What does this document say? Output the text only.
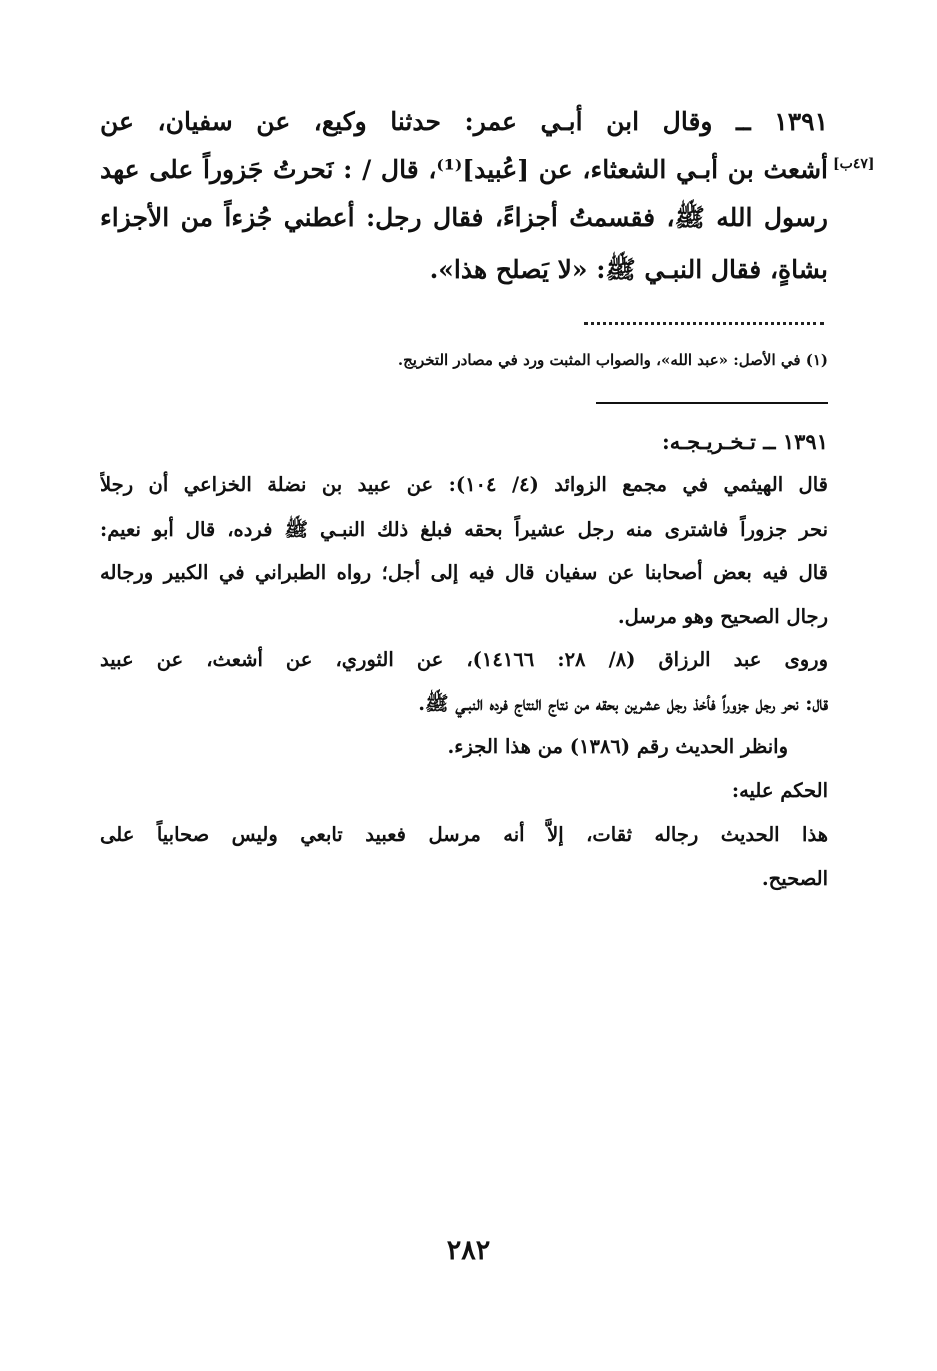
١٣٩١ ــ وقال ابن أبـي عمر: حدثنا وكيع، عن سفيان، عن
أشعث بن أبـي الشعثاء، عن [عُبيد]⁽¹⁾، قال / : نَحرتُ جَزوراً على عهد [٤٧ب]
رسول الله ﷺ، فقسمتُ أجزاءً، فقال رجل: أعطني جُزءاً من الأجزاء
بشاةٍ، فقال النبـي ﷺ: «لا يَصلح هذا».
(١) في الأصل: «عبد الله»، والصواب المثبت ورد في مصادر التخريج.
١٣٩١ ــ تـخـريـجـه:
قال الهيثمي في مجمع الزوائد (٤/ ١٠٤): عن عبيد بن نضلة الخزاعي أن رجلاً
نحر جزوراً فاشترى منه رجل عشيراً بحقه فبلغ ذلك النبـي ﷺ فرده، قال أبو نعيم:
قال فيه بعض أصحابنا عن سفيان قال فيه إلى أجل؛ رواه الطبراني في الكبير ورجاله
رجال الصحيح وهو مرسل.
وروى عبد الرزاق (٨/ ٢٨: ١٤١٦٦)، عن الثوري، عن أشعث، عن عبيد
قال: نحر رجل جزوراً فأخذ رجل عشرين بحقه من نتاج النتاج فرده النبـي ﷺ.
وانظر الحديث رقم (١٣٨٦) من هذا الجزء.
الحكم عليه:
هذا الحديث رجاله ثقات، إلاَّ أنه مرسل فعبيد تابعي وليس صحابياً على
الصحيح.
٢٨٢
